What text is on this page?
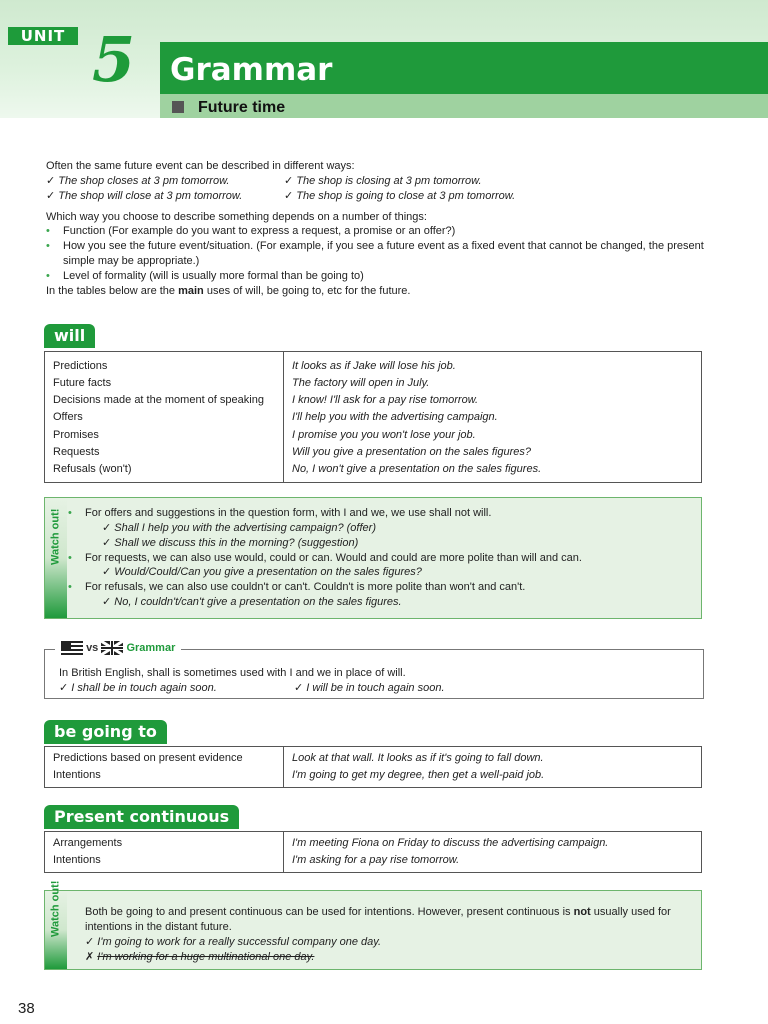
UNIT 5 Grammar
Future time

Often the same future event can be described in different ways:

✓ The shop closes at 3 pm tomorrow.	✓ The shop is closing at 3 pm tomorrow.
✓ The shop will close at 3 pm tomorrow.	✓ The shop is going to close at 3 pm tomorrow.

Which way you choose to describe something depends on a number of things:

• Function (For example do you want to express a request, a promise or an offer?)
• How you see the future event/situation. (For example, if you see a future event as a fixed event that cannot be changed, the present simple may be appropriate.)
• Level of formality (will is usually more formal than be going to)

In the tables below are the main uses of will, be going to, etc for the future.

will

Predictions	It looks as if Jake will lose his job.
Future facts	The factory will open in July.
Decisions made at the moment of speaking	I know! I'll ask for a pay rise tomorrow.
Offers	I'll help you with the advertising campaign.
Promises	I promise you you won't lose your job.
Requests	Will you give a presentation on the sales figures?
Refusals (won't)	No, I won't give a presentation on the sales figures.

Watch out! • For offers and suggestions in the question form, with I and we, we use shall not will.
✓ Shall I help you with the advertising campaign? (offer)
✓ Shall we discuss this in the morning? (suggestion)
• For requests, we can also use would, could or can. Would and could are more polite than will and can.
✓ Would/Could/Can you give a presentation on the sales figures?
• For refusals, we can also use couldn't or can't. Couldn't is more polite than won't and can't.
✓ No, I couldn't/can't give a presentation on the sales figures.
vs	Grammar
In British English, shall is sometimes used with I and we in place of will.
✓ I shall be in touch again soon.	✓ I will be in touch again soon.
be going to

Predictions based on present evidence	Look at that wall. It looks as if it's going to fall down.
Intentions	I'm going to get my degree, then get a well-paid job.

Present continuous

Arrangements	I'm meeting Fiona on Friday to discuss the advertising campaign.
Intentions	I'm asking for a pay rise tomorrow.

Watch out! Both be going to and present continuous can be used for intentions. However, present continuous is not usually used for intentions in the distant future.
✓ I'm going to work for a really successful company one day.
✗ I'm working for a huge multinational one day.
38
